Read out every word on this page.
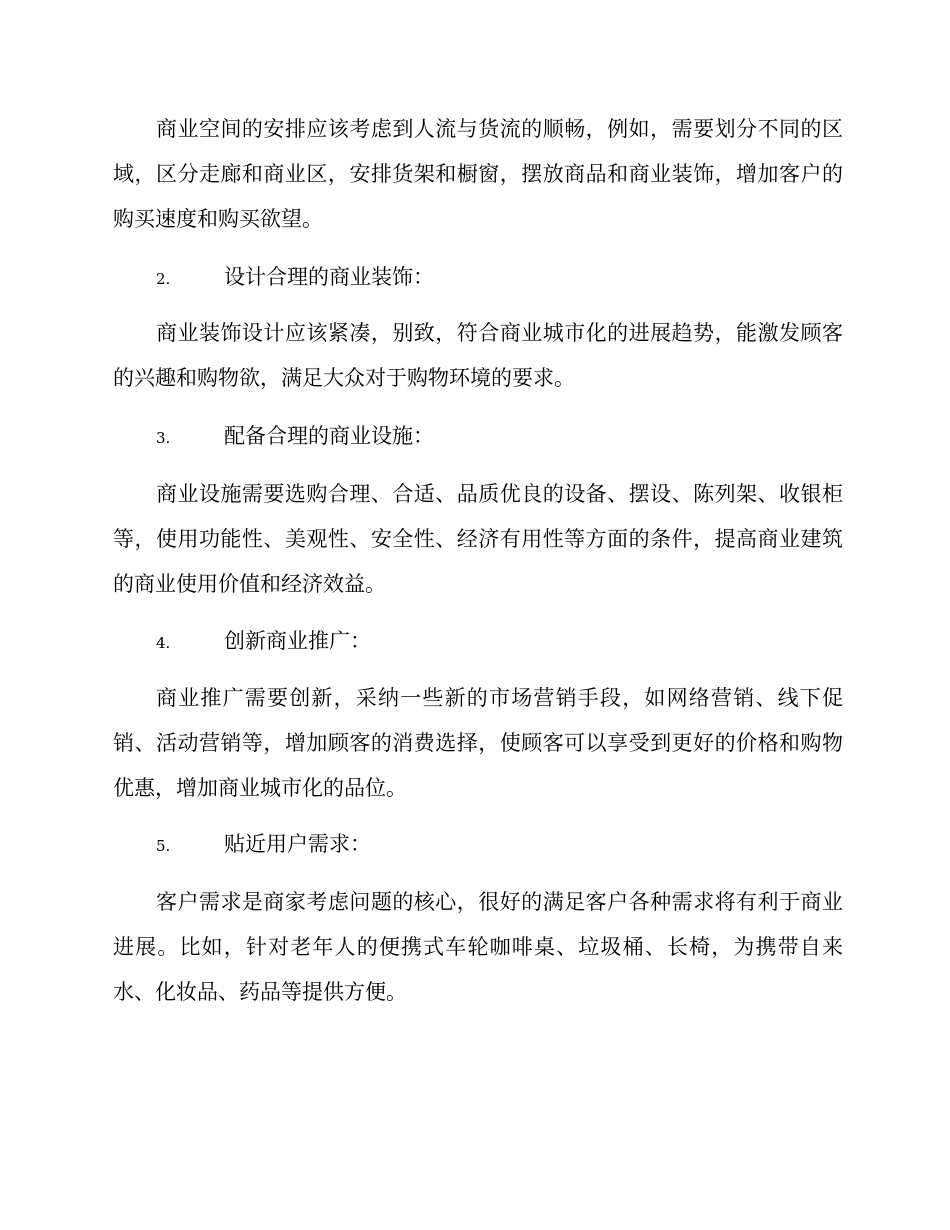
商业空间的安排应该考虑到人流与货流的顺畅，例如，需要划分不同的区域，区分走廊和商业区，安排货架和橱窗，摆放商品和商业装饰，增加客户的购买速度和购买欲望。

2.	设计合理的商业装饰：

商业装饰设计应该紧凑，别致，符合商业城市化的进展趋势，能激发顾客的兴趣和购物欲，满足大众对于购物环境的要求。

3.	配备合理的商业设施：

商业设施需要选购合理、合适、品质优良的设备、摆设、陈列架、收银柜等，使用功能性、美观性、安全性、经济有用性等方面的条件，提高商业建筑的商业使用价值和经济效益。

4.	创新商业推广：

商业推广需要创新，采纳一些新的市场营销手段，如网络营销、线下促销、活动营销等，增加顾客的消费选择，使顾客可以享受到更好的价格和购物优惠，增加商业城市化的品位。

5.	贴近用户需求：

客户需求是商家考虑问题的核心，很好的满足客户各种需求将有利于商业进展。比如，针对老年人的便携式车轮咖啡桌、垃圾桶、长椅，为携带自来水、化妆品、药品等提供方便。
